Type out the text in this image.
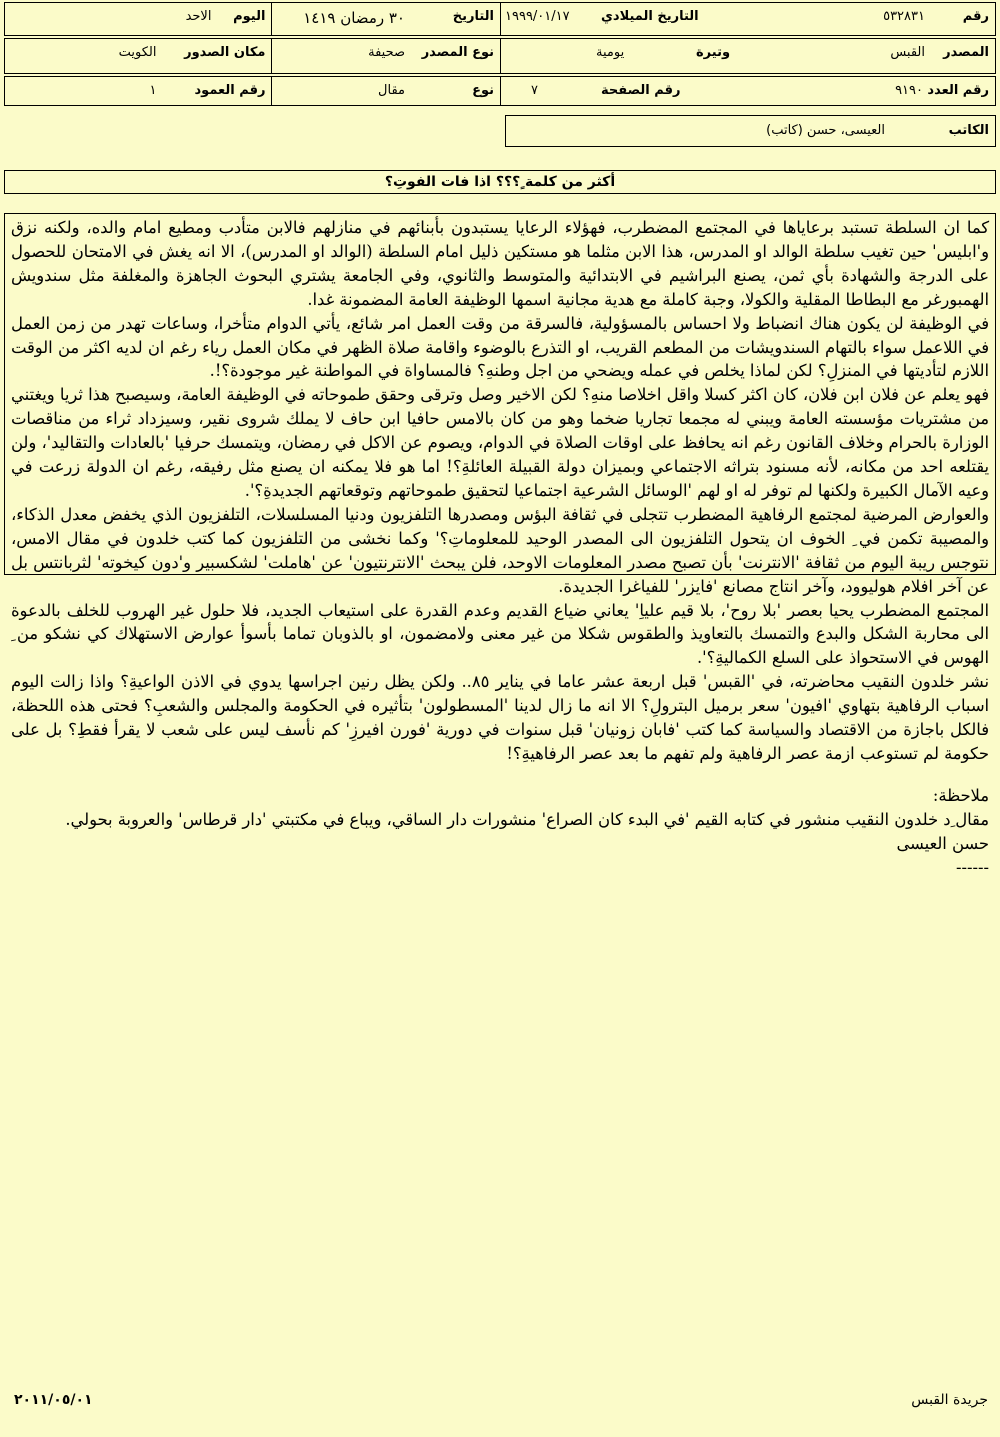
رقم
٥٣٢٨٣١
التاريخ الميلادي
١٩٩٩/٠١/١٧
التاريخ
٣٠ رمضان ١٤١٩
اليوم
الاحد
المصدر
القبس
وتيرة
يومية
نوع المصدر
صحيفة
مكان الصدور
الكويت
رقم العدد
٩١٩٠
رقم الصفحة
٧
نوع
مقال
رقم العمود
١
الكاتب
العيسى، حسن (كاتب)
أكثر من كلمة ٍ؟؟؟ اذا فات الفوتِ؟

كما ان السلطة تستبد برعاياها في المجتمع المضطرب، فهؤلاء الرعايا يستبدون بأبنائهم في منازلهم فالابن متأدب ومطيع امام والده، ولكنه نزق و'ابليس' حين تغيب سلطة الوالد او المدرس، هذا الابن مثلما هو مستكين ذليل امام السلطة (الوالد او المدرس)، الا انه يغش في الامتحان للحصول على الدرجة والشهادة بأي ثمن، يصنع البراشيم في الابتدائية والمتوسط والثانوي، وفي الجامعة يشتري البحوث الجاهزة والمغلفة مثل سندويش الهمبورغر مع البطاطا المقلية والكولا، وجبة كاملة مع هدية مجانية اسمها الوظيفة العامة المضمونة غدا.

في الوظيفة لن يكون هناك انضباط ولا احساس بالمسؤولية، فالسرقة من وقت العمل امر شائع، يأتي الدوام متأخرا، وساعات تهدر من زمن العمل في اللاعمل سواء بالتهام السندويشات من المطعم القريب، او التذرع بالوضوء واقامة صلاة الظهر في مكان العمل رياء رغم ان لديه اكثر من الوقت اللازم لتأديتها في المنزلِ؟ لكن لماذا يخلص في عمله ويضحي من اجل وطنهِ؟ فالمساواة في المواطنة غير موجودة؟!.

فهو يعلم عن فلان ابن فلان، كان اكثر كسلا واقل اخلاصا منهِ؟ لكن الاخير وصل وترقى وحقق طموحاته في الوظيفة العامة، وسيصبح هذا ثريا ويغتني من مشتريات مؤسسته العامة ويبني له مجمعا تجاريا ضخما وهو من كان بالامس حافيا ابن حاف لا يملك شروى نقير، وسيزداد ثراء من مناقصات الوزارة بالحرام وخلاف القانون رغم انه يحافظ على اوقات الصلاة في الدوام، ويصوم عن الاكل في رمضان، ويتمسك حرفيا 'بالعادات والتقاليد'، ولن يقتلعه احد من مكانه، لأنه مسنود بتراثه الاجتماعي وبميزان دولة القبيلة العائلةِ؟! اما هو فلا يمكنه ان يصنع مثل رفيقه، رغم ان الدولة زرعت في وعيه الآمال الكبيرة ولكنها لم توفر له او لهم 'الوسائل الشرعية اجتماعيا لتحقيق طموحاتهم وتوقعاتهم الجديدةِ؟'.

والعوارض المرضية لمجتمع الرفاهية المضطرب تتجلى في ثقافة البؤس ومصدرها التلفزيون ودنيا المسلسلات، التلفزيون الذي يخفض معدل الذكاء، والمصيبة تكمن في ِ الخوف ان يتحول التلفزيون الى المصدر الوحيد للمعلوماتِ؟' وكما نخشى من التلفزيون كما كتب خلدون في مقال الامس، نتوجس ريبة اليوم من ثقافة 'الانترنت' بأن تصبح مصدر المعلومات الاوحد، فلن يبحث 'الانترنتيون' عن 'هاملت' لشكسبير و'دون كيخوته' لثربانتس بل عن آخر افلام هوليوود، وآخر انتاج مصانع 'فايزر' للفياغرا الجديدة.

المجتمع المضطرب يحيا بعصر 'بلا روح'، بلا قيم علياِ' يعاني ضياع القديم وعدم القدرة على استيعاب الجديد، فلا حلول غير الهروب للخلف بالدعوة الى محاربة الشكل والبدع والتمسك بالتعاويذ والطقوس شكلا من غير معنى ولامضمون، او بالذوبان تماما بأسوأ عوارض الاستهلاك كي نشكو من ِ الهوس في الاستحواذ على السلع الكماليةِ؟'.

نشر خلدون النقيب محاضرته، في 'القبس' قبل اربعة عشر عاما في يناير ٨٥.. ولكن يظل رنين اجراسها يدوي في الاذن الواعيةِ؟ واذا زالت اليوم اسباب الرفاهية بتهاوي 'افيون' سعر برميل البترولِ؟ الا انه ما زال لدينا 'المسطولون' بتأثيره في الحكومة والمجلس والشعبِ؟ فحتى هذه اللحظة، فالكل باجازة من الاقتصاد والسياسة كما كتب 'فابان زونيان' قبل سنوات في دورية 'فورن افيرزِ' كم نأسف ليس على شعب لا يقرأ فقطِ؟ بل على حكومة لم تستوعب ازمة عصر الرفاهية ولم تفهم ما بعد عصر الرفاهيةِ؟!

ملاحظة:

مقال ِد خلدون النقيب منشور في كتابه القيم 'في البدء كان الصراع' منشورات دار الساقي، ويباع في مكتبتي 'دار قرطاس' والعروبة بحولي.

حسن العيسى

------

٢٠١١/٠٥/٠١	جريدة القبس
